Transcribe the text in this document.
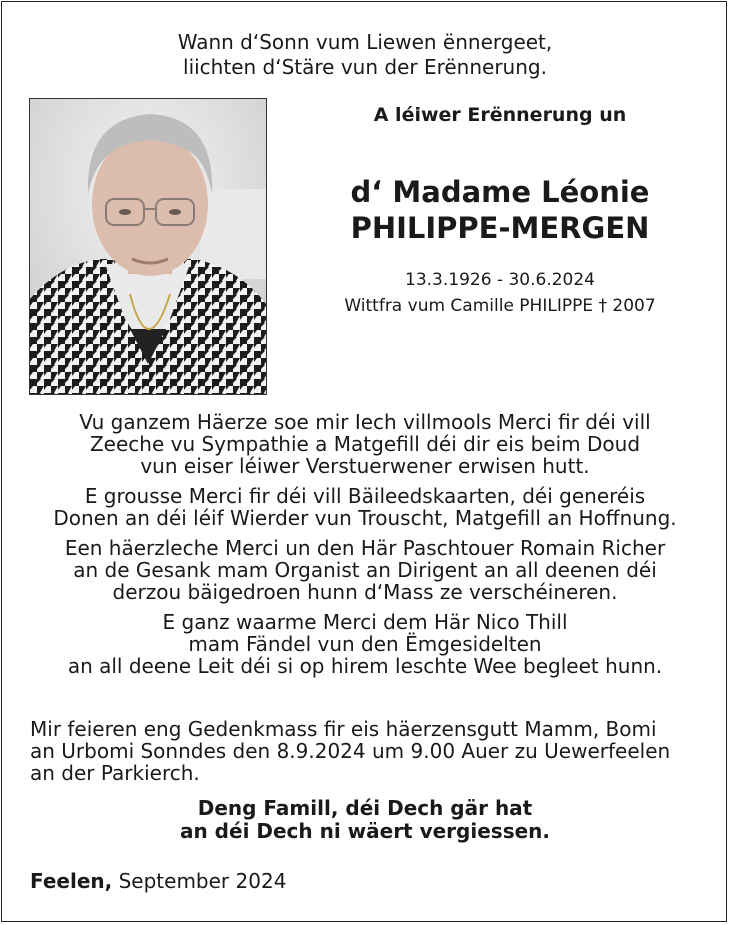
Wann d‘Sonn vum Liewen ënnergeet,
liichten d‘Stäre vun der Erënnerung.
A léiwer Erënnerung un
d‘ Madame Léonie
PHILIPPE-MERGEN
13.3.1926 - 30.6.2024
Wittfra vum Camille PHILIPPE † 2007

Vu ganzem Häerze soe mir Iech villmools Merci fir déi vill
Zeeche vu Sympathie a Matgefill déi dir eis beim Doud
vun eiser léiwer Verstuerwener erwisen hutt.

E grousse Merci fir déi vill Bäileedskaarten, déi generéis
Donen an déi léif Wierder vun Trouscht, Matgefill an Hoffnung.

Een häerzleche Merci un den Här Paschtouer Romain Richer
an de Gesank mam Organist an Dirigent an all deenen déi
derzou bäigedroen hunn d‘Mass ze verschéineren.

E ganz waarme Merci dem Här Nico Thill
mam Fändel vun den Ëmgesidelten
an all deene Leit déi si op hirem leschte Wee begleet hunn.

Mir feieren eng Gedenkmass fir eis häerzensgutt Mamm, Bomi
an Urbomi Sonndes den 8.9.2024 um 9.00 Auer zu Uewerfeelen
an der Parkierch.
Deng Famill, déi Dech gär hat
an déi Dech ni wäert vergiessen.
Feelen, September 2024
